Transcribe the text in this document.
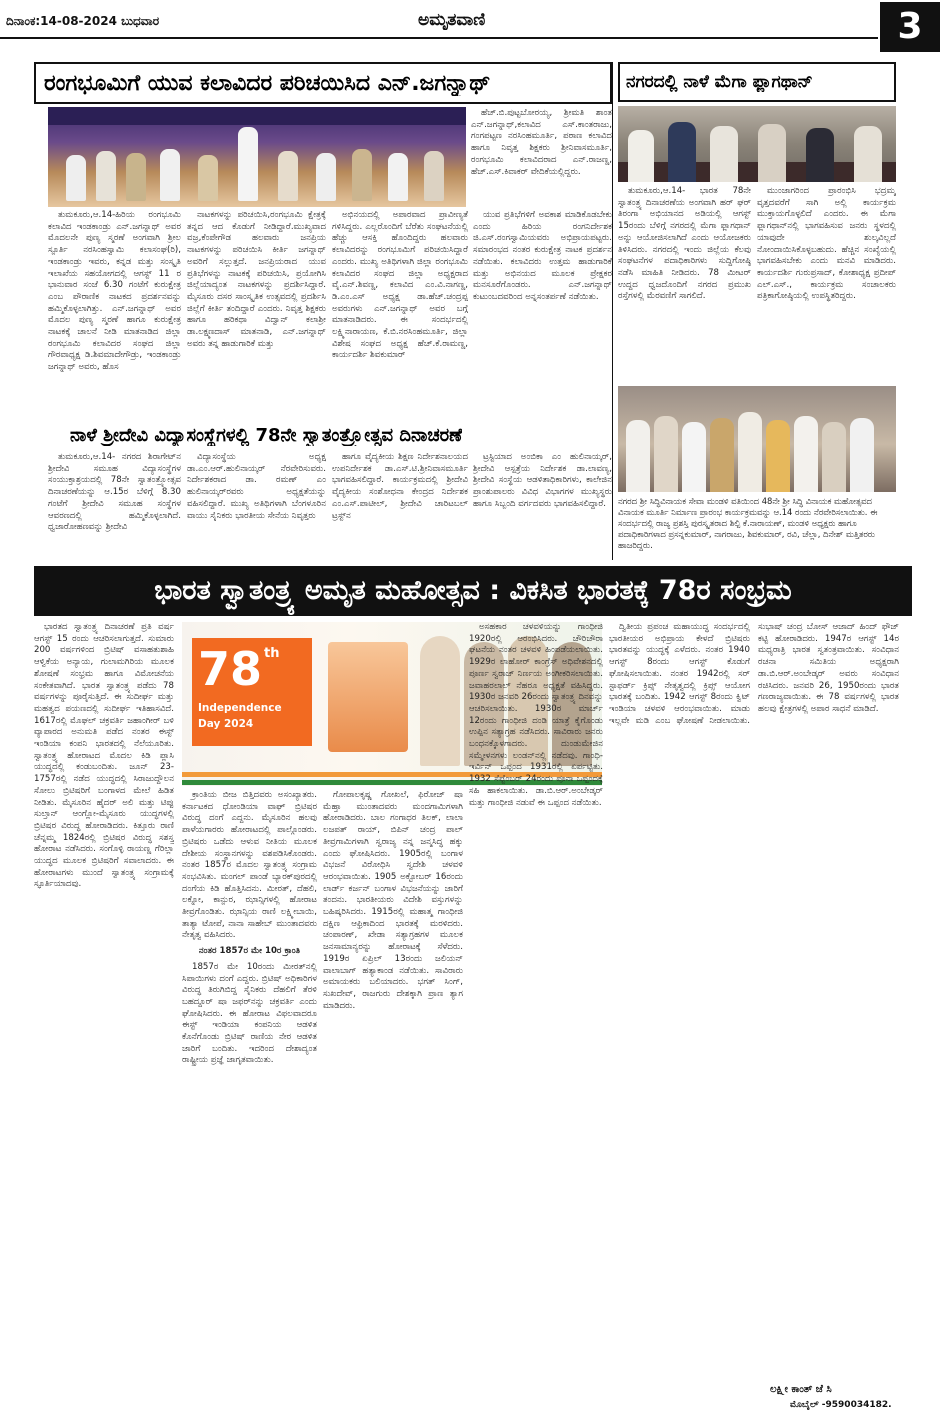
ದಿನಾಂಕ:14-08-2024 ಬುಧವಾರ	ಅಮೃತವಾಣಿ	3
ರಂಗಭೂಮಿಗೆ ಯುವ ಕಲಾವಿದರ ಪರಿಚಯಿಸಿದ ಎನ್.ಜಗನ್ನಾಥ್

ಹೆಚ್.ಬಿ.ಪುಟ್ಟಬೋರಯ್ಯ, ಶ್ರೀಮತಿ ಶಾಂತ ಎನ್.ಜಗನ್ನಾಥ್,ಕಲಾವಿದ ಎಸ್.ಕಾಂತರಾಜು, ಗಂಗಪಟ್ಟಣ ನರಸಿಂಹಮೂರ್ತಿ, ಪಠಾಣ ಕಲಾವಿದ ಹಾಗೂ ನಿವೃತ್ತ ಶಿಕ್ಷಕರು ಶ್ರೀನಿವಾಸಮೂರ್ತಿ, ರಂಗಭೂಮಿ ಕಲಾವಿದರಾದ ಎನ್.ರಾಜಣ್ಣ, ಹೆಚ್.ಎಸ್.ಕಿವಾಕರ್ ವೇದಿಕೆಯಲ್ಲಿದ್ದರು.

ತುಮಕೂರು,ಆ.14-ಹಿರಿಯ ರಂಗಭೂಮಿ ಕಲಾವಿದ ಇಂಡಕಾಂಡ್ರು ಎನ್.ಜಗನ್ನಾಥ್ ಅವರ ಮೊದಲನೇ ಪುಣ್ಯ ಸ್ಮರಣೆ ಅಂಗವಾಗಿ ಶ್ರೀಲ ಸ್ಪೂರ್ತಿ ನರಸಿಂಹಸ್ವಾಮಿ ಕಲಾಸಂಘ(ರಿ), ಇಂಡಕಾಂಡ್ರು ಇವರು, ಕನ್ನಡ ಮತ್ತು ಸಂಸ್ಕೃತಿ ಇಲಾಖೆಯ ಸಹಯೋಗದಲ್ಲಿ ಆಗಸ್ಟ್ 11 ರ ಭಾನುವಾರ ಸಂಜೆ 6.30 ಗಂಟೆಗೆ ಕುರುಕ್ಷೇತ್ರ ಎಂಬ ಪೌರಾಣಿಕ ನಾಟಕದ ಪ್ರದರ್ಶನವನ್ನು ಹಮ್ಮಿಕೊಳ್ಳಲಾಗಿತ್ತು. ಎನ್.ಜಗನ್ನಾಥ್ ಅವರ ಮೊದಲ ಪುಣ್ಯ ಸ್ಮರಣೆ ಹಾಗೂ ಕುರುಕ್ಷೇತ್ರ ನಾಟಕಕ್ಕೆ ಚಾಲನೆ ನೀಡಿ ಮಾತನಾಡಿದ ಜಿಲ್ಲಾ ರಂಗಭೂಮಿ ಕಲಾವಿದರ ಸಂಘದ ಜಿಲ್ಲಾ ಗೌರವಾಧ್ಯಕ್ಷ ಡಿ.ಶಿವಮಾದೇಗೌಡ್ರು, ಇಂಡಕಾಂಡ್ರು ಜಗನ್ನಾಥ್ ಅವರು, ಹೊಸ

ನಾಟಕಗಳನ್ನು ಪರಿಚಯಿಸಿ,ರಂಗಭೂಮಿ ಕ್ಷೇತ್ರಕ್ಕೆ ತನ್ನದ ಆದ ಕೊಡುಗೆ ನೀಡಿದ್ದಾರೆ.ಮುಖ್ಯವಾದ ವಜ್ರ,ಕೆಂಪೇಗೌಡ ಹಲವಾರು ಜನಪ್ರಿಯ ನಾಟಕಗಳನ್ನು ಪರಿಚಯಿಸಿ ಕೀರ್ತಿ ಜಗನ್ನಾಥ್ ಅವರಿಗೆ ಸಲ್ಲುತ್ತದೆ. ಜನಪ್ರಿಯರಾದ ಯುವ ಪ್ರತಿಭೆಗಳನ್ನು ನಾಟಕಕ್ಕೆ ಪರಿಚಯಿಸಿ, ಪ್ರಯೋಗಿಸಿ ಜಿಲ್ಲೆಯಾದ್ಯಂತ ನಾಟಕಗಳನ್ನು ಪ್ರದರ್ಶಿಸಿದ್ದಾರೆ. ಮೈಸೂರು ದಸರ ಸಾಂಸ್ಕೃತಿಕ ಉತ್ಸವದಲ್ಲಿ ಪ್ರದರ್ಶಿಸಿ ಜಿಲ್ಲೆಗೆ ಕೀರ್ತಿ ತಂದಿದ್ದಾರೆ ಎಂದರು. ನಿವೃತ್ತ ಶಿಕ್ಷಕರು ಹಾಗೂ ಹರಿಕಥಾ ವಿದ್ವಾನ್ ಕಲಾಶ್ರೀ ಡಾ.ಲಕ್ಷ್ಮಣದಾಸ್ ಮಾತನಾಡಿ, ಎನ್.ಜಗನ್ನಾಥ್ ಅವರು ತನ್ನ ಹಾಡುಗಾರಿಕೆ ಮತ್ತು

ಅಭಿನಯದಲ್ಲಿ ಅಪಾರವಾದ ಪ್ರಾವೀಣ್ಯತೆ ಗಳಿಸಿದ್ದರು. ಎಲ್ಲರೊಂದಿಗೆ ಬೆರೆತು ಸಂಘಟನೆಯಲ್ಲಿ ಹೆಚ್ಚು ಆಸಕ್ತಿ ಹೊಂದಿದ್ದರು ಹಲವಾರು ಕಲಾವಿದರನ್ನು ರಂಗಭೂಮಿಗೆ ಪರಿಚಯಿಸಿದ್ದಾರೆ ಎಂದರು. ಮುಖ್ಯ ಅತಿಥಿಗಳಾಗಿ ಜಿಲ್ಲಾ ರಂಗಭೂಮಿ ಕಲಾವಿದರ ಸಂಘದ ಜಿಲ್ಲಾ ಅಧ್ಯಕ್ಷರಾದ ವೈ.ಎನ್.ಶಿವಣ್ಣ, ಕಲಾವಿದ ಎಂ.ವಿ.ನಾಗಣ್ಣ, ಡಿ.ಎಂ.ಎಸ್ ಅಧ್ಯಕ್ಷ ಡಾ.ಹೆಚ್.ಚಂದ್ರಪ್ಪ ಅವರುಗಳು ಎನ್.ಜಗನ್ನಾಥ್ ಅವರ ಬಗ್ಗೆ ಮಾತನಾಡಿದರು. ಈ ಸಂದರ್ಭದಲ್ಲಿ ಲಕ್ಷ್ಮಿನಾರಾಯಣ, ಕೆ.ಬಿ.ನರಸಿಂಹಮೂರ್ತಿ, ಜಿಲ್ಲಾ ವಿಶೇಷ ಸಂಘದ ಅಧ್ಯಕ್ಷ ಹೆಚ್.ಕೆ.ರಾಮಣ್ಣ, ಕಾರ್ಯದರ್ಶಿ ಶಿವಕುಮಾರ್

ಯುವ ಪ್ರತಿಭೆಗಳಿಗೆ ಅವಕಾಶ ಮಾಡಿಕೊಡಬೇಕು ಎಂದು ಹಿರಿಯ ರಂಗನಿರ್ದೇಶಕ ಜಿ.ಎಸ್.ರಂಗಸ್ವಾಮಿಯವರು ಅಭಿಪ್ರಾಯಪಟ್ಟರು. ಸಮಾರಂಭದ ನಂತರ ಕುರುಕ್ಷೇತ್ರ ನಾಟಕ ಪ್ರದರ್ಶನ ನಡೆಯಿತು. ಕಲಾವಿದರು ಉತ್ತಮ ಹಾಡುಗಾರಿಕೆ ಮತ್ತು ಅಭಿನಯದ ಮೂಲಕ ಪ್ರೇಕ್ಷಕರ ಮನಸೂರೆಗೊಂಡರು. ಎನ್.ಜಗನ್ನಾಥ್ ಕುಟುಂಬದವರಿಂದ ಅನ್ನಸಂತರ್ಪಣೆ ನಡೆಯಿತು.

ನಗರದಲ್ಲಿ ನಾಳೆ ಮೆಗಾ ಫ್ಲಾಗಥಾನ್

ತುಮಕೂರು,ಆ.14- ಭಾರತ 78ನೇ ಸ್ವಾತಂತ್ರ್ಯ ದಿನಾಚರಣೆಯ ಅಂಗವಾಗಿ ಹರ್ ಘರ್ ತಿರಂಗಾ ಅಭಿಯಾನದ ಅಡಿಯಲ್ಲಿ ಆಗಸ್ಟ್ 15ರಂದು ಬೆಳಿಗ್ಗೆ ನಗರದಲ್ಲಿ ಮೆಗಾ ಫ್ಲಾಗಥಾನ್ ಅನ್ನು ಆಯೋಜಿಸಲಾಗಿದೆ ಎಂದು ಆಯೋಜಕರು ತಿಳಿಸಿದರು. ನಗರದಲ್ಲಿ ಇಂದು ಜಿಲ್ಲೆಯ ಕೆಲವು ಸಂಘಟನೆಗಳ ಪದಾಧಿಕಾರಿಗಳು ಸುದ್ದಿಗೋಷ್ಠಿ ನಡೆಸಿ ಮಾಹಿತಿ ನೀಡಿದರು. 78 ಮೀಟರ್ ಉದ್ದದ ಧ್ವಜದೊಂದಿಗೆ ನಗರದ ಪ್ರಮುಖ ರಸ್ತೆಗಳಲ್ಲಿ ಮೆರವಣಿಗೆ ಸಾಗಲಿದೆ.

ಮುಂಜಾಗರಿಂದ ಪ್ರಾರಂಭಿಸಿ ಭದ್ರಮ್ಮ ವೃತ್ತದವರೆಗೆ ಸಾಗಿ ಅಲ್ಲಿ ಕಾರ್ಯಕ್ರಮ ಮುಕ್ತಾಯಗೊಳ್ಳಲಿದೆ ಎಂದರು. ಈ ಮೆಗಾ ಫ್ಲಾಗಥಾನ್‌ನಲ್ಲಿ ಭಾಗವಹಿಸುವ ಜನರು ಸ್ಥಳದಲ್ಲಿ ಯಾವುದೇ ಶುಲ್ಕವಿಲ್ಲದೆ ನೋಂದಾಯಿಸಿಕೊಳ್ಳಬಹುದು. ಹೆಚ್ಚಿನ ಸಂಖ್ಯೆಯಲ್ಲಿ ಭಾಗವಹಿಸಬೇಕು ಎಂದು ಮನವಿ ಮಾಡಿದರು. ಕಾರ್ಯದರ್ಶಿ ಗುರುಪ್ರಸಾದ್, ಕೋಶಾಧ್ಯಕ್ಷ ಪ್ರದೀಪ್ ಎಲ್.ಎಸ್., ಕಾರ್ಯಕ್ರಮ ಸಂಚಾಲಕರು ಪತ್ರಿಕಾಗೋಷ್ಠಿಯಲ್ಲಿ ಉಪಸ್ಥಿತರಿದ್ದರು.

ನಗರದ ಶ್ರೀ ಸಿದ್ಧಿವಿನಾಯಕ ಸೇವಾ ಮಂಡಳಿ ವತಿಯಿಂದ 48ನೇ ಶ್ರೀ ಸಿದ್ಧಿ ವಿನಾಯಕ ಮಹೋತ್ಸವದ ವಿನಾಯಕ ಮೂರ್ತಿ ನಿರ್ಮಾಣ ಪ್ರಾರಂಭ ಕಾರ್ಯಕ್ರಮವನ್ನು ಆ.14 ರಂದು ನೆರವೇರಿಸಲಾಯಿತು. ಈ ಸಂದರ್ಭದಲ್ಲಿ ರಾಜ್ಯ ಪ್ರಶಸ್ತಿ ಪುರಸ್ಕೃತರಾದ ಶಿಲ್ಪಿ ಕೆ.ನಾರಾಯಣ್, ಮಂಡಳಿ ಅಧ್ಯಕ್ಷರು ಹಾಗೂ ಪದಾಧಿಕಾರಿಗಳಾದ ಪ್ರಸನ್ನಕುಮಾರ್, ನಾಗರಾಜು, ಶಿವಕುಮಾರ್, ರವಿ, ಚೆಲ್ಲಾ, ದಿನೇಶ್ ಮತ್ತಿತರರು ಹಾಜರಿದ್ದರು.
ನಾಳೆ ಶ್ರೀದೇವಿ ವಿದ್ಯಾಸಂಸ್ಥೆಗಳಲ್ಲಿ 78ನೇ ಸ್ವಾತಂತ್ರ್ಯೋತ್ಸವ ದಿನಾಚರಣೆ

ತುಮಕೂರು,ಆ.14- ನಗರದ ಶಿರಾಗೇಟ್‌ನ ಶ್ರೀದೇವಿ ಸಮೂಹ ವಿದ್ಯಾಸಂಸ್ಥೆಗಳ ಸಂಯುಕ್ತಾಶ್ರಯದಲ್ಲಿ 78ನೇ ಸ್ವಾತಂತ್ರ್ಯೋತ್ಸವ ದಿನಾಚರಣೆಯನ್ನು ಆ.15ರ ಬೆಳಿಗ್ಗೆ 8.30 ಗಂಟೆಗೆ ಶ್ರೀದೇವಿ ಸಮೂಹ ಸಂಸ್ಥೆಗಳ ಆವರಣದಲ್ಲಿ ಹಮ್ಮಿಕೊಳ್ಳಲಾಗಿದೆ. ಧ್ವಜಾರೋಹಣವನ್ನು ಶ್ರೀದೇವಿ

ವಿದ್ಯಾಸಂಸ್ಥೆಯ ಅಧ್ಯಕ್ಷ ಡಾ.ಎಂ.ಆರ್.ಹುಲಿನಾಯ್ಕರ್ ನೆರವೇರಿಸುವರು. ನಿರ್ದೇಶಕರಾದ ಡಾ. ರಮಣ್ ಎಂ ಹುಲಿನಾಯ್ಕರ್‌ರವರು ಅಧ್ಯಕ್ಷತೆಯನ್ನು ವಹಿಸಲಿದ್ದಾರೆ. ಮುಖ್ಯ ಅತಿಥಿಗಳಾಗಿ ಬೆಂಗಳೂರಿನ ವಾಯು ಸೈನಿಕರು ಭಾರತೀಯ ಸೇನೆಯ ನಿವೃತ್ತರು

ಹಾಗೂ ವೈದ್ಯಕೀಯ ಶಿಕ್ಷಣ ನಿರ್ದೇಶನಾಲಯದ ಉಪನಿರ್ದೇಶಕ ಡಾ.ಎಸ್.ಟಿ.ಶ್ರೀನಿವಾಸಮೂರ್ತಿ ಭಾಗವಹಿಸಲಿದ್ದಾರೆ. ಕಾರ್ಯಕ್ರಮದಲ್ಲಿ ಶ್ರೀದೇವಿ ವೈದ್ಯಕೀಯ ಸಂಶೋಧನಾ ಕೇಂದ್ರದ ನಿರ್ದೇಶಕ ಎಂ.ಎಸ್.ಪಾಟೀಲ್, ಶ್ರೀದೇವಿ ಚಾರಿಟಬಲ್ ಟ್ರಸ್ಟ್‌ನ

ಟ್ರಸ್ಟಿಯಾದ ಅಂಬಿಕಾ ಎಂ ಹುಲಿನಾಯ್ಕರ್, ಶ್ರೀದೇವಿ ಆಸ್ಪತ್ರೆಯ ನಿರ್ದೇಶಕ ಡಾ.ಲಾವಣ್ಯ, ಶ್ರೀದೇವಿ ಸಂಸ್ಥೆಯ ಆಡಳಿತಾಧಿಕಾರಿಗಳು, ಕಾಲೇಜಿನ ಪ್ರಾಂಶುಪಾಲರು ವಿವಿಧ ವಿಭಾಗಗಳ ಮುಖ್ಯಸ್ಥರು ಹಾಗೂ ಸಿಬ್ಬಂದಿ ವರ್ಗದವರು ಭಾಗವಹಿಸಲಿದ್ದಾರೆ.

ಭಾರತ ಸ್ವಾತಂತ್ರ್ಯ ಅಮೃತ ಮಹೋತ್ಸವ : ವಿಕಸಿತ ಭಾರತಕ್ಕೆ 78ರ ಸಂಭ್ರಮ

ಭಾರತದ ಸ್ವಾತಂತ್ರ್ಯ ದಿನಾಚರಣೆ ಪ್ರತಿ ವರ್ಷ ಆಗಸ್ಟ್ 15 ರಂದು ಆಚರಿಸಲಾಗುತ್ತದೆ. ಸುಮಾರು 200 ವರ್ಷಗಳಿಂದ ಬ್ರಿಟಿಷ್ ವಸಾಹತುಶಾಹಿ ಆಳ್ವಿಕೆಯ ಅನ್ಯಾಯ, ಗುಲಾಮಗಿರಿಯ ಮೂಲಕ ಶೋಷಣೆ ಸಂಭ್ರಮ ಹಾಗೂ ವಿಮೋಚನೆಯ ಸಂಕೇತವಾಗಿದೆ. ಭಾರತ ಸ್ವಾತಂತ್ರ್ಯ ಪಡೆದು 78 ವರ್ಷಗಳನ್ನು ಪೂರೈಸುತ್ತಿದೆ. ಈ ಸುದೀರ್ಘ ಮತ್ತು ಮಹತ್ವದ ಪಯಣದಲ್ಲಿ ಸುದೀರ್ಘ ಇತಿಹಾಸವಿದೆ. 1617ರಲ್ಲಿ ಮೊಘಲ್ ಚಕ್ರವರ್ತಿ ಜಹಾಂಗೀರ್ ಬಳಿ ವ್ಯಾಪಾರದ ಅನುಮತಿ ಪಡೆದ ನಂತರ ಈಸ್ಟ್ ಇಂಡಿಯಾ ಕಂಪನಿ ಭಾರತದಲ್ಲಿ ನೆಲೆಯೂರಿತು. ಸ್ವಾತಂತ್ರ್ಯ ಹೋರಾಟದ ಮೊದಲ ಕಿಡಿ ಪ್ಲಾಸಿ ಯುದ್ಧದಲ್ಲಿ ಕಂಡುಬಂದಿತು. ಜೂನ್ 23-1757ರಲ್ಲಿ ನಡೆದ ಯುದ್ಧದಲ್ಲಿ ಸಿರಾಜುದ್ದೌಲನ ಸೋಲು ಬ್ರಿಟಿಷರಿಗೆ ಬಂಗಾಳದ ಮೇಲೆ ಹಿಡಿತ ನೀಡಿತು. ಮೈಸೂರಿನ ಹೈದರ್ ಅಲಿ ಮತ್ತು ಟಿಪ್ಪು ಸುಲ್ತಾನ್ ಆಂಗ್ಲೋ-ಮೈಸೂರು ಯುದ್ಧಗಳಲ್ಲಿ ಬ್ರಿಟಿಷರ ವಿರುದ್ಧ ಹೋರಾಡಿದರು. ಕಿತ್ತೂರು ರಾಣಿ ಚೆನ್ನಮ್ಮ 1824ರಲ್ಲಿ ಬ್ರಿಟಿಷರ ವಿರುದ್ಧ ಸಶಸ್ತ್ರ ಹೋರಾಟ ನಡೆಸಿದರು. ಸಂಗೊಳ್ಳಿ ರಾಯಣ್ಣ ಗೆರಿಲ್ಲಾ ಯುದ್ಧದ ಮೂಲಕ ಬ್ರಿಟಿಷರಿಗೆ ಸವಾಲಾದರು. ಈ ಹೋರಾಟಗಳು ಮುಂದೆ ಸ್ವಾತಂತ್ರ್ಯ ಸಂಗ್ರಾಮಕ್ಕೆ ಸ್ಫೂರ್ತಿಯಾದವು.

78 th
Independence
Day 2024

ಕ್ರಾಂತಿಯ ಬೀಜ ಬಿತ್ತಿದವರು ಅಸಂಖ್ಯಾತರು. ಕರ್ನಾಟಕದ ಧೋಂಡಿಯಾ ವಾಘ್ ಬ್ರಿಟಿಷರ ವಿರುದ್ಧ ದಂಗೆ ಎದ್ದನು. ಮೈಸೂರಿನ ಹಲವು ಪಾಳೆಯಗಾರರು ಹೋರಾಟದಲ್ಲಿ ಪಾಲ್ಗೊಂಡರು. ಬ್ರಿಟಿಷರು ಒಡೆದು ಆಳುವ ನೀತಿಯ ಮೂಲಕ ದೇಶೀಯ ಸಂಸ್ಥಾನಗಳನ್ನು ವಶಪಡಿಸಿಕೊಂಡರು. ನಂತರ 1857ರ ಮೊದಲ ಸ್ವಾತಂತ್ರ್ಯ ಸಂಗ್ರಾಮ ಸಂಭವಿಸಿತು. ಮಂಗಲ್ ಪಾಂಡೆ ಬ್ಯಾರಕ್‌ಪುರದಲ್ಲಿ ದಂಗೆಯ ಕಿಡಿ ಹೊತ್ತಿಸಿದನು. ಮೀರತ್, ದೆಹಲಿ, ಲಕ್ನೋ, ಕಾನ್ಪುರ, ಝಾನ್ಸಿಗಳಲ್ಲಿ ಹೋರಾಟ ತೀವ್ರಗೊಂಡಿತು. ಝಾನ್ಸಿಯ ರಾಣಿ ಲಕ್ಷ್ಮೀಬಾಯಿ, ತಾತ್ಯಾ ಟೋಪೆ, ನಾನಾ ಸಾಹೇಬ್ ಮುಂತಾದವರು ನೇತೃತ್ವ ವಹಿಸಿದರು.

ನಂತರ 1857ರ ಮೇ 10ರ ಕ್ರಾಂತಿ

1857ರ ಮೇ 10ರಂದು ಮೀರತ್‌ನಲ್ಲಿ ಸಿಪಾಯಿಗಳು ದಂಗೆ ಎದ್ದರು. ಬ್ರಿಟಿಷ್ ಅಧಿಕಾರಿಗಳ ವಿರುದ್ಧ ತಿರುಗಿಬಿದ್ದ ಸೈನಿಕರು ದೆಹಲಿಗೆ ತೆರಳಿ ಬಹದ್ದೂರ್ ಷಾ ಜಫರ್‌ನನ್ನು ಚಕ್ರವರ್ತಿ ಎಂದು ಘೋಷಿಸಿದರು. ಈ ಹೋರಾಟ ವಿಫಲವಾದರೂ ಈಸ್ಟ್ ಇಂಡಿಯಾ ಕಂಪನಿಯ ಆಡಳಿತ ಕೊನೆಗೊಂಡು ಬ್ರಿಟಿಷ್ ರಾಣಿಯ ನೇರ ಆಡಳಿತ ಜಾರಿಗೆ ಬಂದಿತು. ಇದರಿಂದ ದೇಶಾದ್ಯಂತ ರಾಷ್ಟ್ರೀಯ ಪ್ರಜ್ಞೆ ಜಾಗೃತವಾಯಿತು.

ಗೋಪಾಲಕೃಷ್ಣ ಗೋಖಲೆ, ಫಿರೋಜ್ ಷಾ ಮೆಹ್ತಾ ಮುಂತಾದವರು ಮಂದಗಾಮಿಗಳಾಗಿ ಹೋರಾಡಿದರು. ಬಾಲ ಗಂಗಾಧರ ತಿಲಕ್, ಲಾಲಾ ಲಜಪತ್ ರಾಯ್, ಬಿಪಿನ್ ಚಂದ್ರ ಪಾಲ್ ತೀವ್ರಗಾಮಿಗಳಾಗಿ ಸ್ವರಾಜ್ಯ ನನ್ನ ಜನ್ಮಸಿದ್ಧ ಹಕ್ಕು ಎಂದು ಘೋಷಿಸಿದರು. 1905ರಲ್ಲಿ ಬಂಗಾಳ ವಿಭಜನೆ ವಿರೋಧಿಸಿ ಸ್ವದೇಶಿ ಚಳವಳಿ ಆರಂಭವಾಯಿತು. 1905 ಅಕ್ಟೋಬರ್ 16ರಂದು ಲಾರ್ಡ್ ಕರ್ಜನ್ ಬಂಗಾಳ ವಿಭಜನೆಯನ್ನು ಜಾರಿಗೆ ತಂದನು. ಭಾರತೀಯರು ವಿದೇಶಿ ವಸ್ತುಗಳನ್ನು ಬಹಿಷ್ಕರಿಸಿದರು. 1915ರಲ್ಲಿ ಮಹಾತ್ಮ ಗಾಂಧೀಜಿ ದಕ್ಷಿಣ ಆಫ್ರಿಕಾದಿಂದ ಭಾರತಕ್ಕೆ ಮರಳಿದರು. ಚಂಪಾರಣ್, ಖೇಡಾ ಸತ್ಯಾಗ್ರಹಗಳ ಮೂಲಕ ಜನಸಾಮಾನ್ಯರನ್ನು ಹೋರಾಟಕ್ಕೆ ಸೆಳೆದರು. 1919ರ ಏಪ್ರಿಲ್ 13ರಂದು ಜಲಿಯನ್ ವಾಲಾಬಾಗ್ ಹತ್ಯಾಕಾಂಡ ನಡೆಯಿತು. ಸಾವಿರಾರು ಅಮಾಯಕರು ಬಲಿಯಾದರು. ಭಗತ್ ಸಿಂಗ್, ಸುಖದೇವ್, ರಾಜಗುರು ದೇಶಕ್ಕಾಗಿ ಪ್ರಾಣ ತ್ಯಾಗ ಮಾಡಿದರು.

ಅಸಹಕಾರ ಚಳವಳಿಯನ್ನು ಗಾಂಧೀಜಿ 1920ರಲ್ಲಿ ಆರಂಭಿಸಿದರು. ಚೌರಿಚೌರಾ ಘಟನೆಯ ನಂತರ ಚಳವಳಿ ಹಿಂಪಡೆಯಲಾಯಿತು. 1929ರ ಲಾಹೋರ್ ಕಾಂಗ್ರೆಸ್ ಅಧಿವೇಶನದಲ್ಲಿ ಪೂರ್ಣ ಸ್ವರಾಜ್ ನಿರ್ಣಯ ಅಂಗೀಕರಿಸಲಾಯಿತು. ಜವಾಹರಲಾಲ್ ನೆಹರೂ ಅಧ್ಯಕ್ಷತೆ ವಹಿಸಿದ್ದರು. 1930ರ ಜನವರಿ 26ರಂದು ಸ್ವಾತಂತ್ರ್ಯ ದಿನವನ್ನು ಆಚರಿಸಲಾಯಿತು. 1930ರ ಮಾರ್ಚ್ 12ರಂದು ಗಾಂಧೀಜಿ ದಂಡಿ ಯಾತ್ರೆ ಕೈಗೊಂಡು ಉಪ್ಪಿನ ಸತ್ಯಾಗ್ರಹ ನಡೆಸಿದರು. ಸಾವಿರಾರು ಜನರು ಬಂಧನಕ್ಕೊಳಗಾದರು. ದುಂಡುಮೇಜಿನ ಸಮ್ಮೇಳನಗಳು ಲಂಡನ್‌ನಲ್ಲಿ ನಡೆದವು. ಗಾಂಧಿ-ಇರ್ವಿನ್ ಒಪ್ಪಂದ 1931ರಲ್ಲಿ ಏರ್ಪಟ್ಟಿತು. 1932 ಸೆಪ್ಟೆಂಬರ್ 24ರಂದು ಪೂನಾ ಒಪ್ಪಂದಕ್ಕೆ ಸಹಿ ಹಾಕಲಾಯಿತು. ಡಾ.ಬಿ.ಆರ್.ಅಂಬೇಡ್ಕರ್ ಮತ್ತು ಗಾಂಧೀಜಿ ನಡುವೆ ಈ ಒಪ್ಪಂದ ನಡೆಯಿತು.

ದ್ವಿತೀಯ ಪ್ರಪಂಚ ಮಹಾಯುದ್ಧ ಸಂದರ್ಭದಲ್ಲಿ ಭಾರತೀಯರ ಅಭಿಪ್ರಾಯ ಕೇಳದೆ ಬ್ರಿಟಿಷರು ಭಾರತವನ್ನು ಯುದ್ಧಕ್ಕೆ ಎಳೆದರು. ನಂತರ 1940 ಆಗಸ್ಟ್ 8ರಂದು ಆಗಸ್ಟ್ ಕೊಡುಗೆ ಘೋಷಿಸಲಾಯಿತು. ನಂತರ 1942ರಲ್ಲಿ ಸರ್ ಸ್ಟಾಫರ್ಡ್ ಕ್ರಿಪ್ಸ್ ನೇತೃತ್ವದಲ್ಲಿ ಕ್ರಿಪ್ಸ್ ಆಯೋಗ ಭಾರತಕ್ಕೆ ಬಂದಿತು. 1942 ಆಗಸ್ಟ್ 8ರಂದು ಕ್ವಿಟ್ ಇಂಡಿಯಾ ಚಳವಳಿ ಆರಂಭವಾಯಿತು. ಮಾಡು ಇಲ್ಲವೇ ಮಡಿ ಎಂಬ ಘೋಷಣೆ ನೀಡಲಾಯಿತು. ಸುಭಾಷ್ ಚಂದ್ರ ಬೋಸ್ ಆಜಾದ್ ಹಿಂದ್ ಫೌಜ್ ಕಟ್ಟಿ ಹೋರಾಡಿದರು. 1947ರ ಆಗಸ್ಟ್ 14ರ ಮಧ್ಯರಾತ್ರಿ ಭಾರತ ಸ್ವತಂತ್ರವಾಯಿತು. ಸಂವಿಧಾನ ರಚನಾ ಸಮಿತಿಯ ಅಧ್ಯಕ್ಷರಾಗಿ ಡಾ.ಬಿ.ಆರ್.ಅಂಬೇಡ್ಕರ್ ಅವರು ಸಂವಿಧಾನ ರಚಿಸಿದರು. ಜನವರಿ 26, 1950ರಂದು ಭಾರತ ಗಣರಾಜ್ಯವಾಯಿತು. ಈ 78 ವರ್ಷಗಳಲ್ಲಿ ಭಾರತ ಹಲವು ಕ್ಷೇತ್ರಗಳಲ್ಲಿ ಅಪಾರ ಸಾಧನೆ ಮಾಡಿದೆ.

ಲಕ್ಷ್ಮೀ ಕಾಂತ್ ಜೆ ಸಿ
ಮೊಬೈಲ್ -9590034182.
